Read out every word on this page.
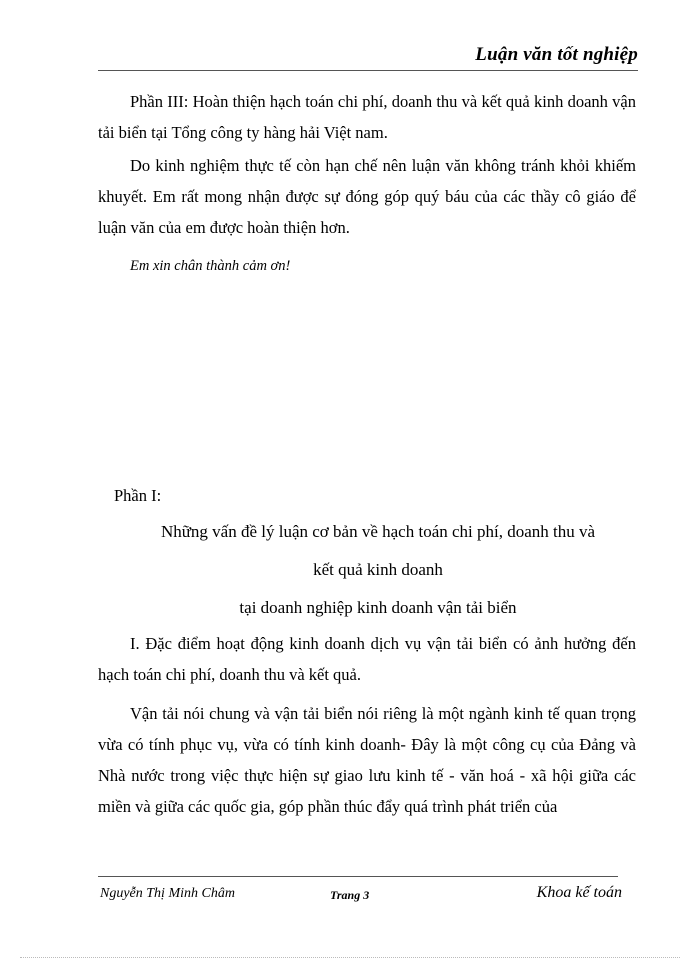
Luận văn tốt nghiệp

Phần III: Hoàn thiện hạch toán chi phí, doanh thu và kết quả kinh doanh vận tải biển tại Tổng công ty hàng hải Việt nam.

Do kinh nghiệm thực tế còn hạn chế nên luận văn không tránh khỏi khiếm khuyết. Em rất mong nhận được sự đóng góp quý báu của các thầy cô giáo để luận văn của em được hoàn thiện hơn.

Em xin chân thành cảm ơn!

Phần I:
Những vấn đề lý luận cơ bản về hạch toán chi phí, doanh thu và
kết quả kinh doanh
tại doanh nghiệp kinh doanh vận tải biển

I. Đặc điểm hoạt động kinh doanh dịch vụ vận tải biển có ảnh hưởng đến hạch toán chi phí, doanh thu và kết quả.

Vận tải nói chung và vận tải biển nói riêng là một ngành kinh tế quan trọng vừa có tính phục vụ, vừa có tính kinh doanh- Đây là một công cụ của Đảng và Nhà nước trong việc thực hiện sự giao lưu kinh tế - văn hoá - xã hội giữa các miền và giữa các quốc gia, góp phần thúc đẩy quá trình phát triển của

Nguyễn Thị Minh Châm	Trang 3	Khoa kế toán
